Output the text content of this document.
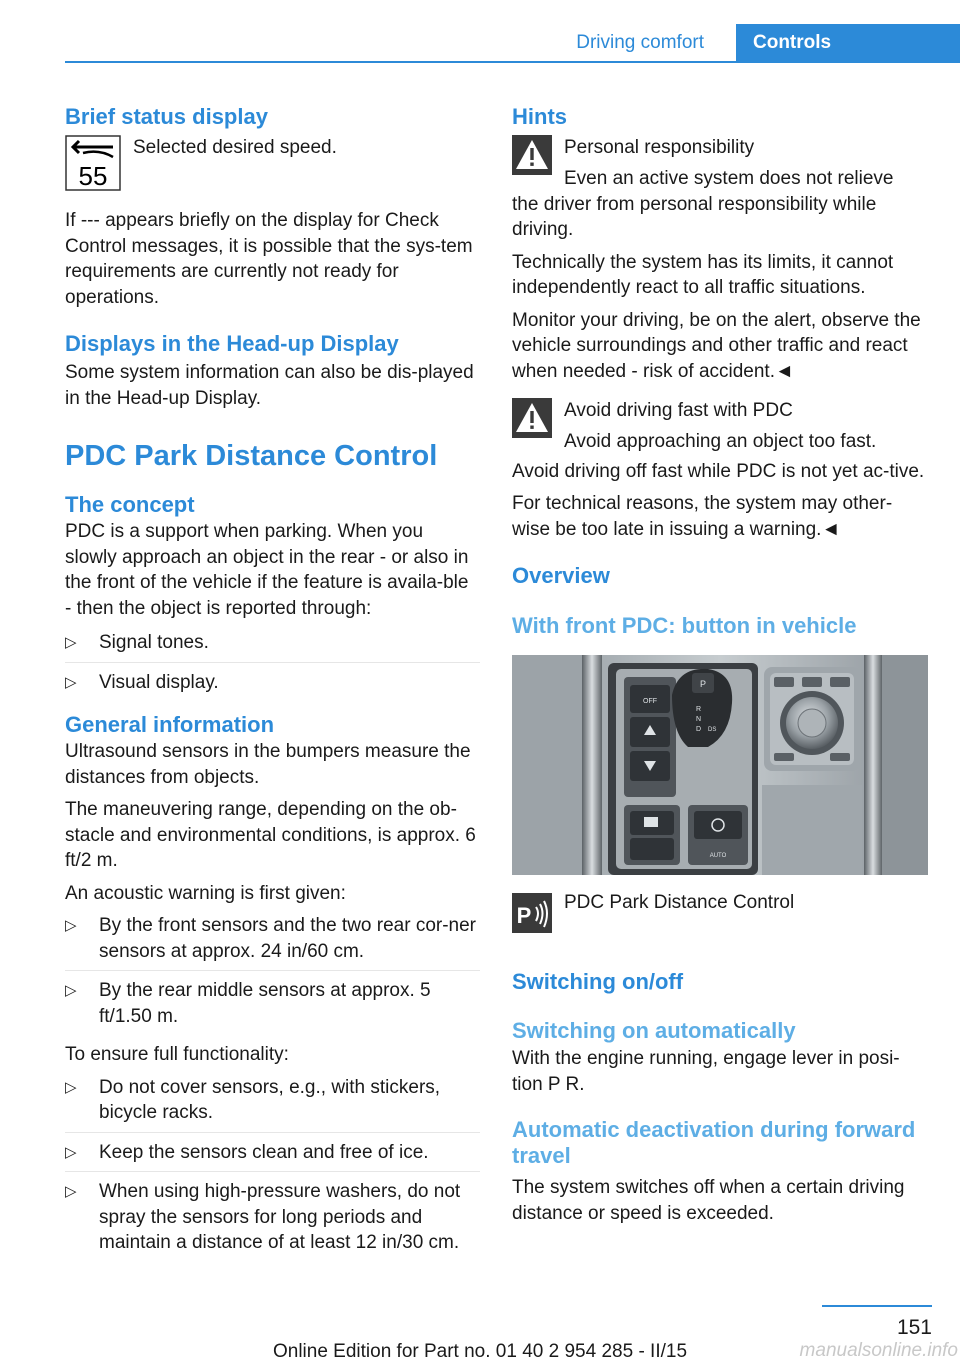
Driving comfort	Controls
Brief status display
55

Selected desired speed.

If --- appears briefly on the display for Check Control messages, it is possible that the sys-tem requirements are currently not ready for operations.

Displays in the Head-up Display

Some system information can also be dis-played in the Head-up Display.

PDC Park Distance Control
The concept

PDC is a support when parking. When you slowly approach an object in the rear - or also in the front of the vehicle if the feature is availa-ble - then the object is reported through:

▷ Signal tones.
▷ Visual display.
General information

Ultrasound sensors in the bumpers measure the distances from objects.

The maneuvering range, depending on the ob-stacle and environmental conditions, is approx. 6 ft/2 m.

An acoustic warning is first given:

▷ By the front sensors and the two rear cor-ner sensors at approx. 24 in/60 cm.
▷ By the rear middle sensors at approx. 5 ft/1.50 m.

To ensure full functionality:

▷ Do not cover sensors, e.g., with stickers, bicycle racks.
▷ Keep the sensors clean and free of ice.
▷ When using high-pressure washers, do not spray the sensors for long periods and maintain a distance of at least 12 in/30 cm.
Hints

Personal responsibility

Even an active system does not relieve

the driver from personal responsibility while driving.

Technically the system has its limits, it cannot independently react to all traffic situations.

Monitor your driving, be on the alert, observe the vehicle surroundings and other traffic and react when needed - risk of accident.◄

Avoid driving fast with PDC

Avoid approaching an object too fast.

Avoid driving off fast while PDC is not yet ac-tive.

For technical reasons, the system may other-wise be too late in issuing a warning.◄

Overview
With front PDC: button in vehicle
OFF
P
R
N
D DS
AUTO
P

PDC Park Distance Control

Switching on/off
Switching on automatically

With the engine running, engage lever in posi-tion P R.

Automatic deactivation during forward travel

The system switches off when a certain driving distance or speed is exceeded.

151
Online Edition for Part no. 01 40 2 954 285 - II/15	manualsonline.info
